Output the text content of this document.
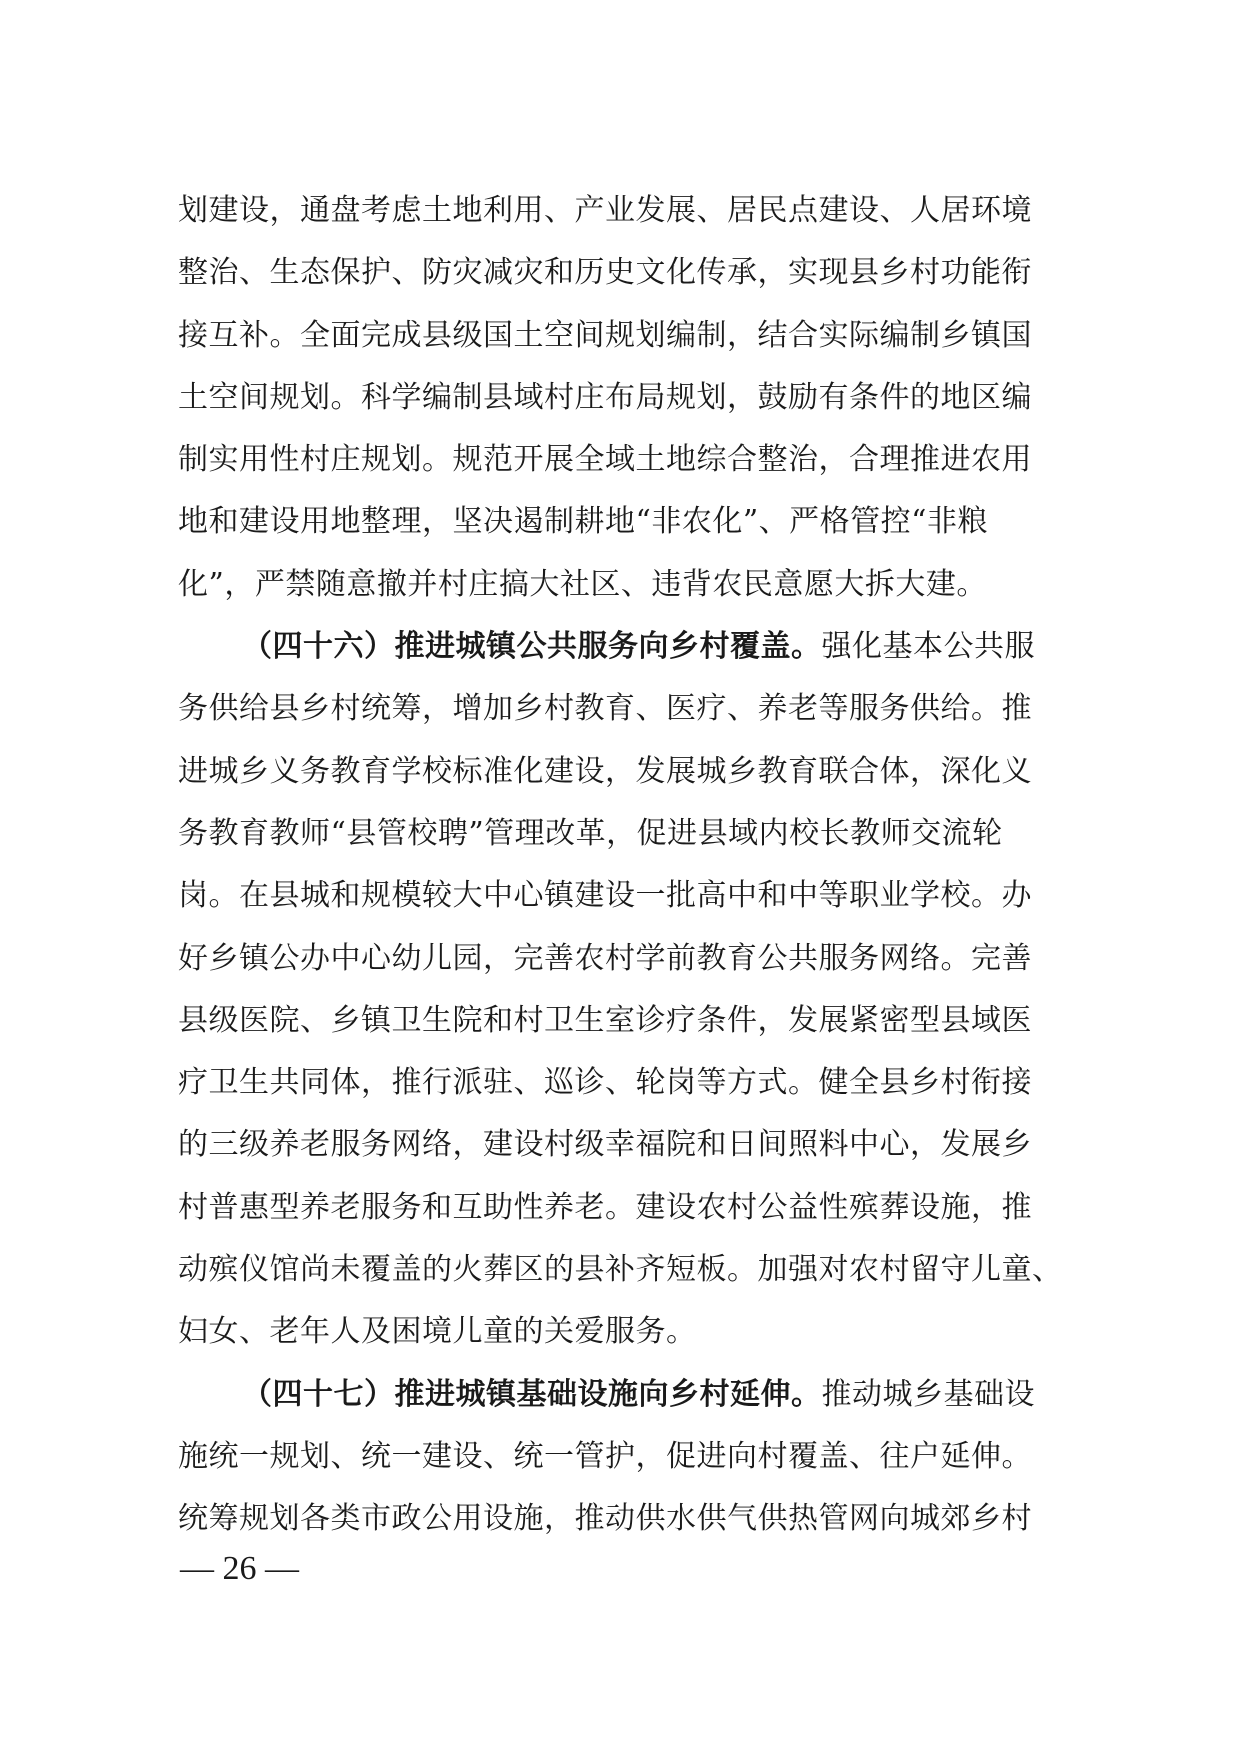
划建设，通盘考虑土地利用、产业发展、居民点建设、人居环境
整治、生态保护、防灾减灾和历史文化传承，实现县乡村功能衔
接互补。全面完成县级国土空间规划编制，结合实际编制乡镇国
土空间规划。科学编制县域村庄布局规划，鼓励有条件的地区编
制实用性村庄规划。规范开展全域土地综合整治，合理推进农用
地和建设用地整理，坚决遏制耕地“非农化”、严格管控“非粮
化”，严禁随意撤并村庄搞大社区、违背农民意愿大拆大建。
（四十六）推进城镇公共服务向乡村覆盖。强化基本公共服
务供给县乡村统筹，增加乡村教育、医疗、养老等服务供给。推
进城乡义务教育学校标准化建设，发展城乡教育联合体，深化义
务教育教师“县管校聘”管理改革，促进县域内校长教师交流轮
岗。在县城和规模较大中心镇建设一批高中和中等职业学校。办
好乡镇公办中心幼儿园，完善农村学前教育公共服务网络。完善
县级医院、乡镇卫生院和村卫生室诊疗条件，发展紧密型县域医
疗卫生共同体，推行派驻、巡诊、轮岗等方式。健全县乡村衔接
的三级养老服务网络，建设村级幸福院和日间照料中心，发展乡
村普惠型养老服务和互助性养老。建设农村公益性殡葬设施，推
动殡仪馆尚未覆盖的火葬区的县补齐短板。加强对农村留守儿童、
妇女、老年人及困境儿童的关爱服务。
（四十七）推进城镇基础设施向乡村延伸。推动城乡基础设
施统一规划、统一建设、统一管护，促进向村覆盖、往户延伸。
统筹规划各类市政公用设施，推动供水供气供热管网向城郊乡村
— 26 —
